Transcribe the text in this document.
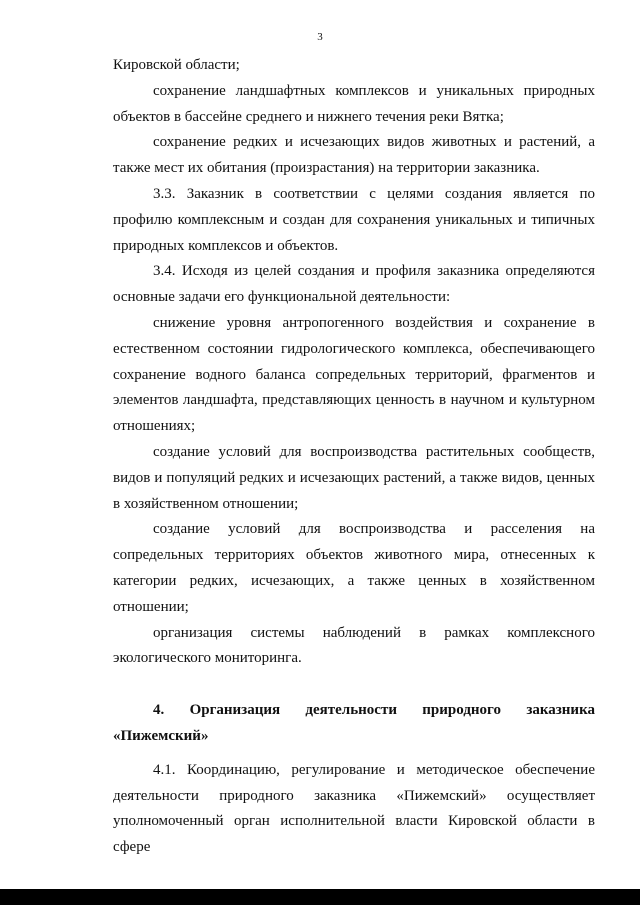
3

Кировской области;

сохранение ландшафтных комплексов и уникальных природных объектов в бассейне среднего и нижнего течения реки Вятка;

сохранение редких и исчезающих видов животных и растений, а также мест их обитания (произрастания) на территории заказника.

3.3. Заказник в соответствии с целями создания является по профилю комплексным и создан для сохранения уникальных и типичных природных комплексов и объектов.

3.4. Исходя из целей создания и профиля заказника определяются основные задачи его функциональной деятельности:

снижение уровня антропогенного воздействия и сохранение в естественном состоянии гидрологического комплекса, обеспечивающего сохранение водного баланса сопредельных территорий, фрагментов и элементов ландшафта, представляющих ценность в научном и культурном отношениях;

создание условий для воспроизводства растительных сообществ, видов и популяций редких и исчезающих растений, а также видов, ценных в хозяйственном отношении;

создание условий для воспроизводства и расселения на сопредельных территориях объектов животного мира, отнесенных к категории редких, исчезающих, а также ценных в хозяйственном отношении;

организация системы наблюдений в рамках комплексного экологического мониторинга.

4. Организация деятельности природного заказника «Пижемский»

4.1. Координацию, регулирование и методическое обеспечение деятельности природного заказника «Пижемский» осуществляет уполномоченный орган исполнительной власти Кировской области в сфере
